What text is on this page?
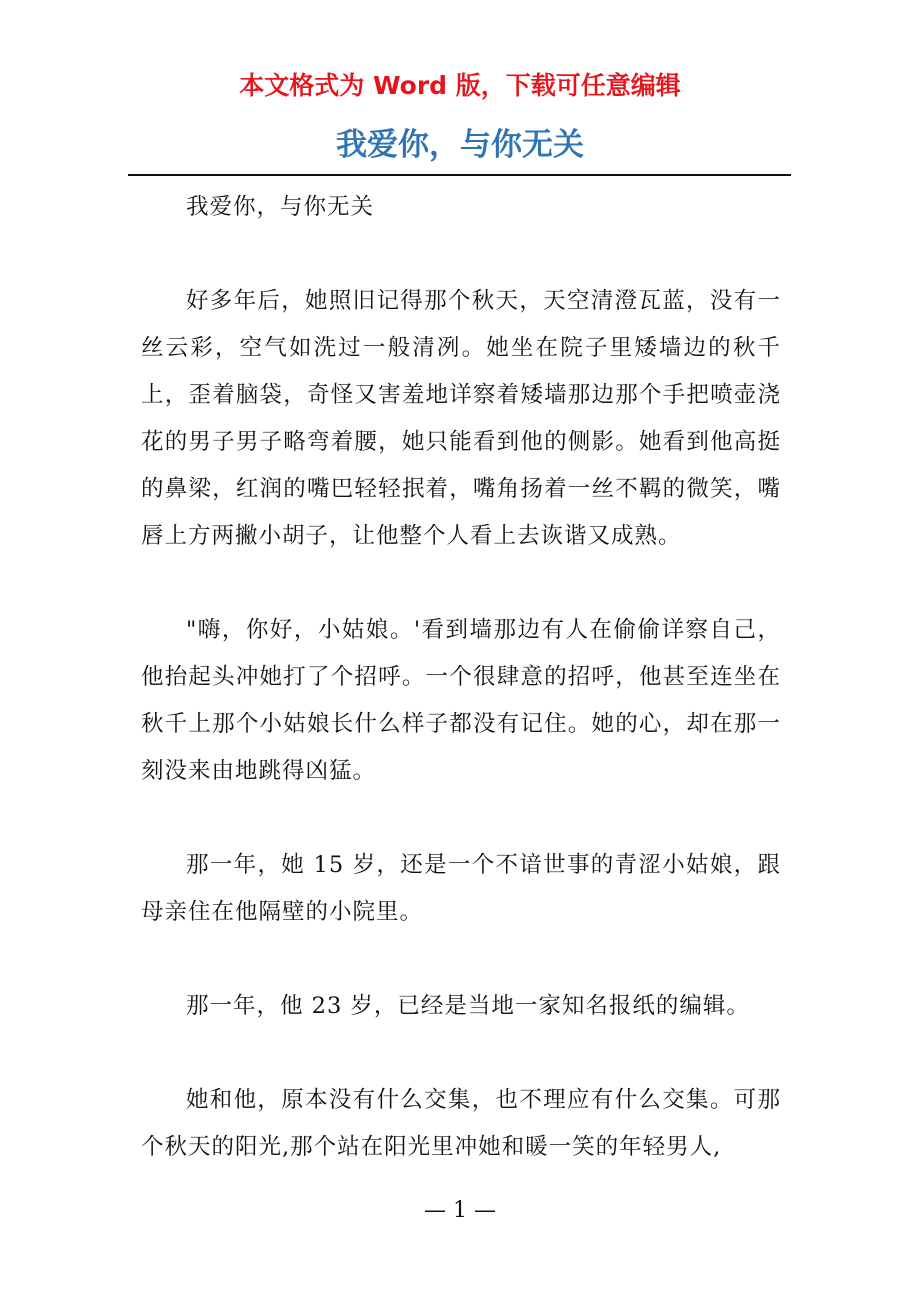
本文格式为 Word 版，下载可任意编辑
我爱你，与你无关

我爱你，与你无关

好多年后，她照旧记得那个秋天，天空清澄瓦蓝，没有一丝云彩，空气如洗过一般清冽。她坐在院子里矮墙边的秋千上，歪着脑袋，奇怪又害羞地详察着矮墙那边那个手把喷壶浇花的男子男子略弯着腰，她只能看到他的侧影。她看到他高挺的鼻梁，红润的嘴巴轻轻抿着，嘴角扬着一丝不羁的微笑，嘴唇上方两撇小胡子，让他整个人看上去诙谐又成熟。

"嗨，你好，小姑娘。'看到墙那边有人在偷偷详察自己，他抬起头冲她打了个招呼。一个很肆意的招呼，他甚至连坐在秋千上那个小姑娘长什么样子都没有记住。她的心，却在那一刻没来由地跳得凶猛。

那一年，她 15 岁，还是一个不谙世事的青涩小姑娘，跟母亲住在他隔壁的小院里。

那一年，他 23 岁，已经是当地一家知名报纸的编辑。

她和他，原本没有什么交集，也不理应有什么交集。可那个秋天的阳光,那个站在阳光里冲她和暖一笑的年轻男人,

— 1 —
